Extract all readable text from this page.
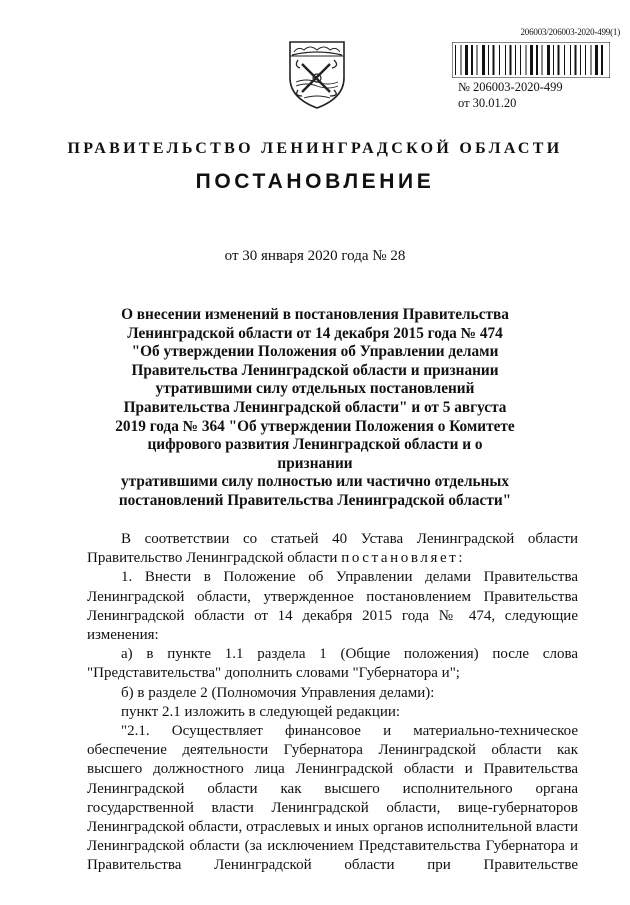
206003/206003-2020-499(1)
№ 206003-2020-499
от 30.01.20
ПРАВИТЕЛЬСТВО ЛЕНИНГРАДСКОЙ ОБЛАСТИ
ПОСТАНОВЛЕНИЕ
от 30 января 2020 года № 28
О внесении изменений в постановления Правительства
Ленинградской области от 14 декабря 2015 года № 474
"Об утверждении Положения об Управлении делами
Правительства Ленинградской области и признании
утратившими силу отдельных постановлений
Правительства Ленинградской области" и от 5 августа
2019 года № 364 "Об утверждении Положения о Комитете
цифрового развития Ленинградской области и о признании
утратившими силу полностью или частично отдельных
постановлений Правительства Ленинградской области"

В соответствии со статьей 40 Устава Ленинградской области

Правительство Ленинградской области постановляет:

1. Внести в Положение об Управлении делами Правительства Ленинградской области, утвержденное постановлением Правительства Ленинградской области от 14 декабря 2015 года № 474, следующие изменения:

а) в пункте 1.1 раздела 1 (Общие положения) после слова "Представительства" дополнить словами "Губернатора и";

б) в разделе 2 (Полномочия Управления делами):

пункт 2.1 изложить в следующей редакции:

"2.1. Осуществляет финансовое и материально-техническое обеспечение деятельности Губернатора Ленинградской области как высшего должностного лица Ленинградской области и Правительства Ленинградской области как высшего исполнительного органа государственной власти Ленинградской области, вице-губернаторов Ленинградской области, отраслевых и иных органов исполнительной власти Ленинградской области (за исключением Представительства Губернатора и Правительства Ленинградской области при Правительстве
